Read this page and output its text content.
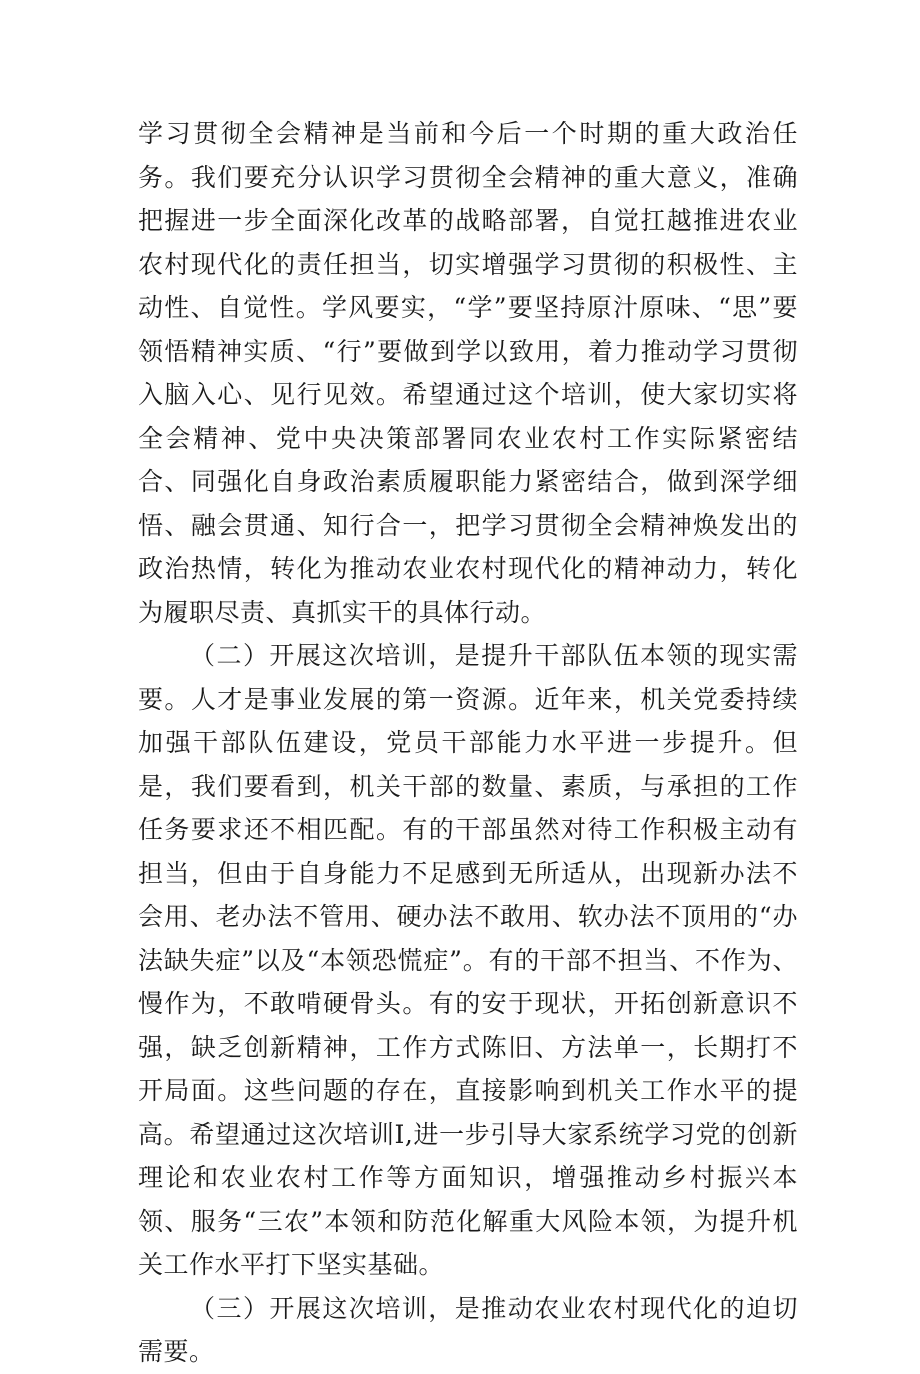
学习贯彻全会精神是当前和今后一个时期的重大政治任务。我们要充分认识学习贯彻全会精神的重大意义，准确把握进一步全面深化改革的战略部署，自觉扛越推进农业农村现代化的责任担当，切实增强学习贯彻的积极性、主动性、自觉性。学风要实，“学”要坚持原汁原味、“思”要领悟精神实质、“行”要做到学以致用，着力推动学习贯彻入脑入心、见行见效。希望通过这个培训，使大家切实将全会精神、党中央决策部署同农业农村工作实际紧密结合、同强化自身政治素质履职能力紧密结合，做到深学细悟、融会贯通、知行合一，把学习贯彻全会精神焕发出的政治热情，转化为推动农业农村现代化的精神动力，转化为履职尽责、真抓实干的具体行动。

（二）开展这次培训，是提升干部队伍本领的现实需要。人才是事业发展的第一资源。近年来，机关党委持续加强干部队伍建设，党员干部能力水平进一步提升。但是，我们要看到，机关干部的数量、素质，与承担的工作任务要求还不相匹配。有的干部虽然对待工作积极主动有担当，但由于自身能力不足感到无所适从，出现新办法不会用、老办法不管用、硬办法不敢用、软办法不顶用的“办法缺失症”以及“本领恐慌症”。有的干部不担当、不作为、慢作为，不敢啃硬骨头。有的安于现状，开拓创新意识不强，缺乏创新精神，工作方式陈旧、方法单一，长期打不开局面。这些问题的存在，直接影响到机关工作水平的提高。希望通过这次培训I,进一步引导大家系统学习党的创新理论和农业农村工作等方面知识，增强推动乡村振兴本领、服务“三农”本领和防范化解重大风险本领，为提升机关工作水平打下坚实基础。

（三）开展这次培训，是推动农业农村现代化的迫切需要。
